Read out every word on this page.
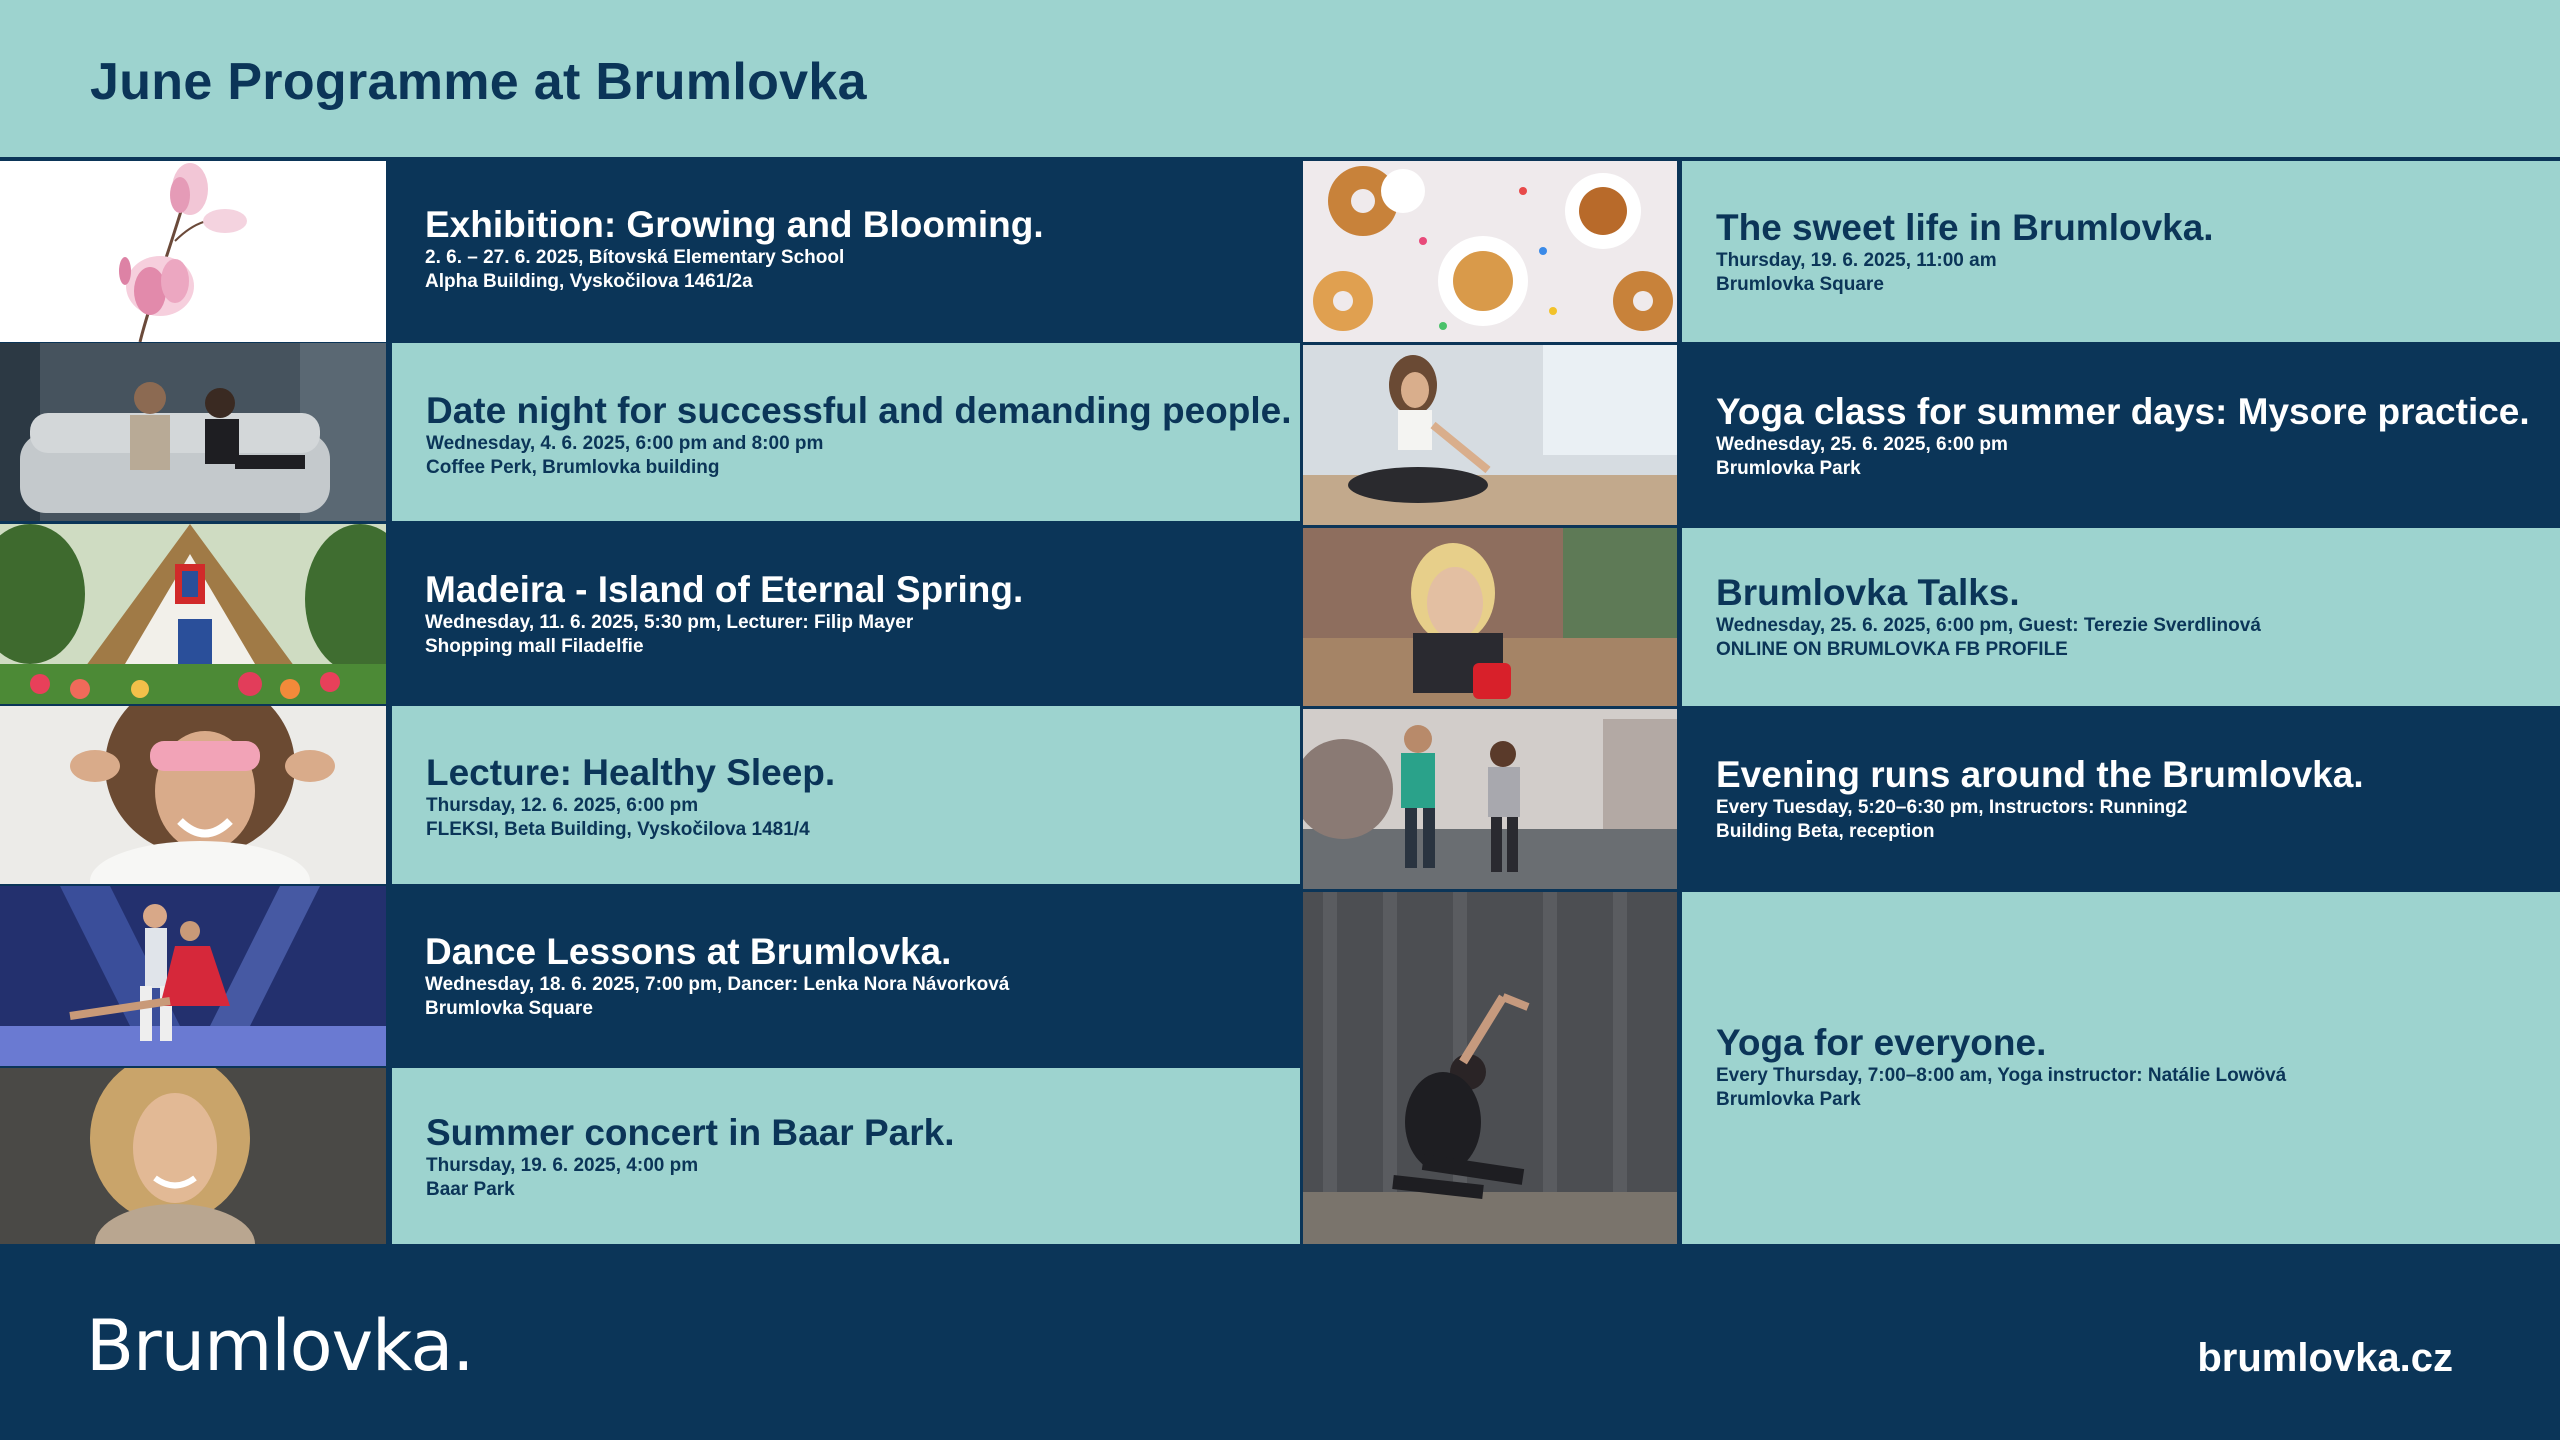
June Programme at Brumlovka

Exhibition: Growing and Blooming.

2. 6. – 27. 6. 2025, Bítovská Elementary School

Alpha Building, Vyskočilova 1461/2a

Date night for successful and demanding people.

Wednesday, 4. 6. 2025, 6:00 pm and 8:00 pm

Coffee Perk, Brumlovka building

Madeira - Island of Eternal Spring.

Wednesday, 11. 6. 2025, 5:30 pm, Lecturer: Filip Mayer

Shopping mall Filadelfie

Lecture: Healthy Sleep.

Thursday, 12. 6. 2025, 6:00 pm

FLEKSI, Beta Building, Vyskočilova 1481/4

Dance Lessons at Brumlovka.

Wednesday, 18. 6. 2025, 7:00 pm, Dancer: Lenka Nora Návorková

Brumlovka Square

Summer concert in Baar Park.

Thursday, 19. 6. 2025, 4:00 pm

Baar Park

The sweet life in Brumlovka.

Thursday, 19. 6. 2025, 11:00 am

Brumlovka Square

Yoga class for summer days: Mysore practice.

Wednesday, 25. 6. 2025, 6:00 pm

Brumlovka Park

Brumlovka Talks.

Wednesday, 25. 6. 2025, 6:00 pm, Guest: Terezie Sverdlinová

ONLINE ON BRUMLOVKA FB PROFILE

Evening runs around the Brumlovka.

Every Tuesday, 5:20–6:30 pm, Instructors: Running2

Building Beta, reception

Yoga for everyone.

Every Thursday, 7:00–8:00 am, Yoga instructor: Natálie Lowövá

Brumlovka Park

Brumlovka.	brumlovka.cz
